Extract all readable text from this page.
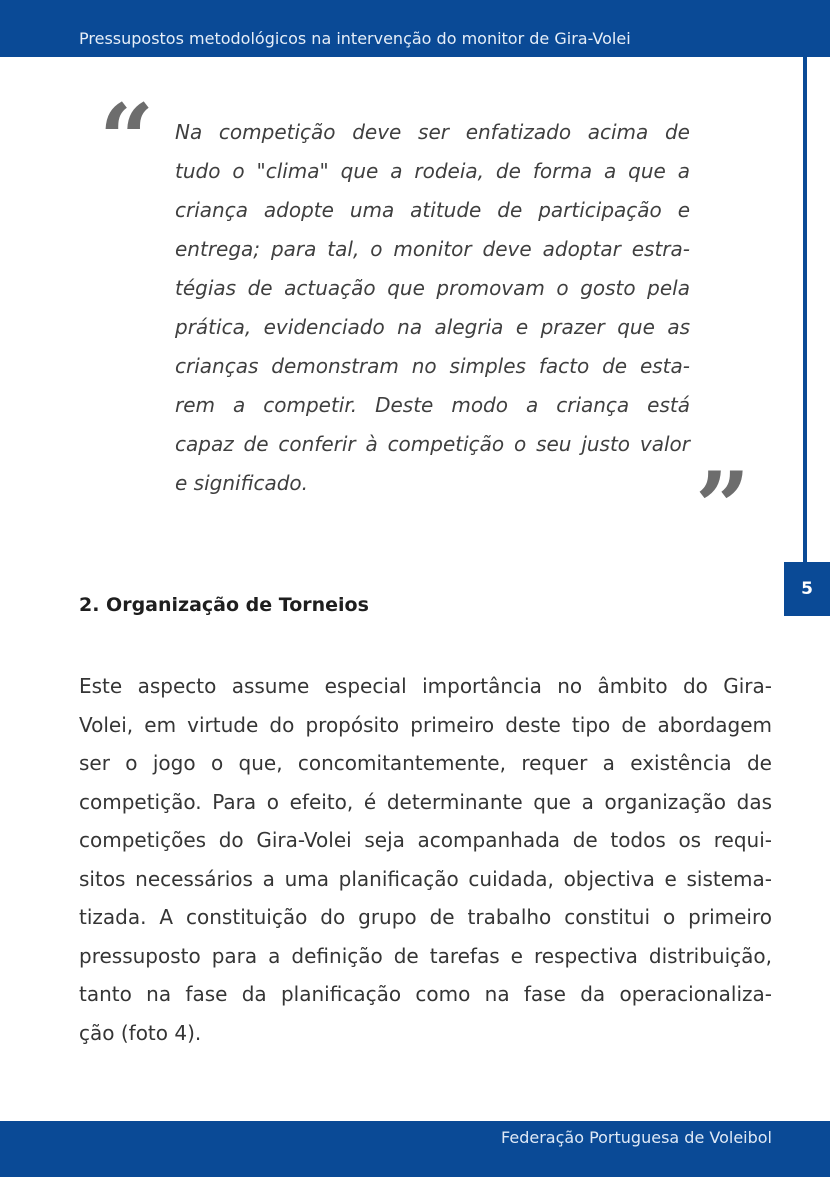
Pressupostos metodológicos na intervenção do monitor de Gira-Volei
5
“ Na competição deve ser enfatizado acima de
tudo o "clima" que a rodeia, de forma a que a
criança adopte uma atitude de participação e
entrega; para tal, o monitor deve adoptar estra-
tégias de actuação que promovam o gosto pela
prática, evidenciado na alegria e prazer que as
crianças demonstram no simples facto de esta-
rem a competir. Deste modo a criança está
capaz de conferir à competição o seu justo valor
e significado.	”
2. Organização de Torneios
Este aspecto assume especial importância no âmbito do Gira-
Volei, em virtude do propósito primeiro deste tipo de abordagem
ser o jogo o que, concomitantemente, requer a existência de
competição. Para o efeito, é determinante que a organização das
competições do Gira-Volei seja acompanhada de todos os requi-
sitos necessários a uma planificação cuidada, objectiva e sistema-
tizada. A constituição do grupo de trabalho constitui o primeiro
pressuposto para a definição de tarefas e respectiva distribuição,
tanto na fase da planificação como na fase da operacionaliza-
ção (foto 4).
Federação Portuguesa de Voleibol
